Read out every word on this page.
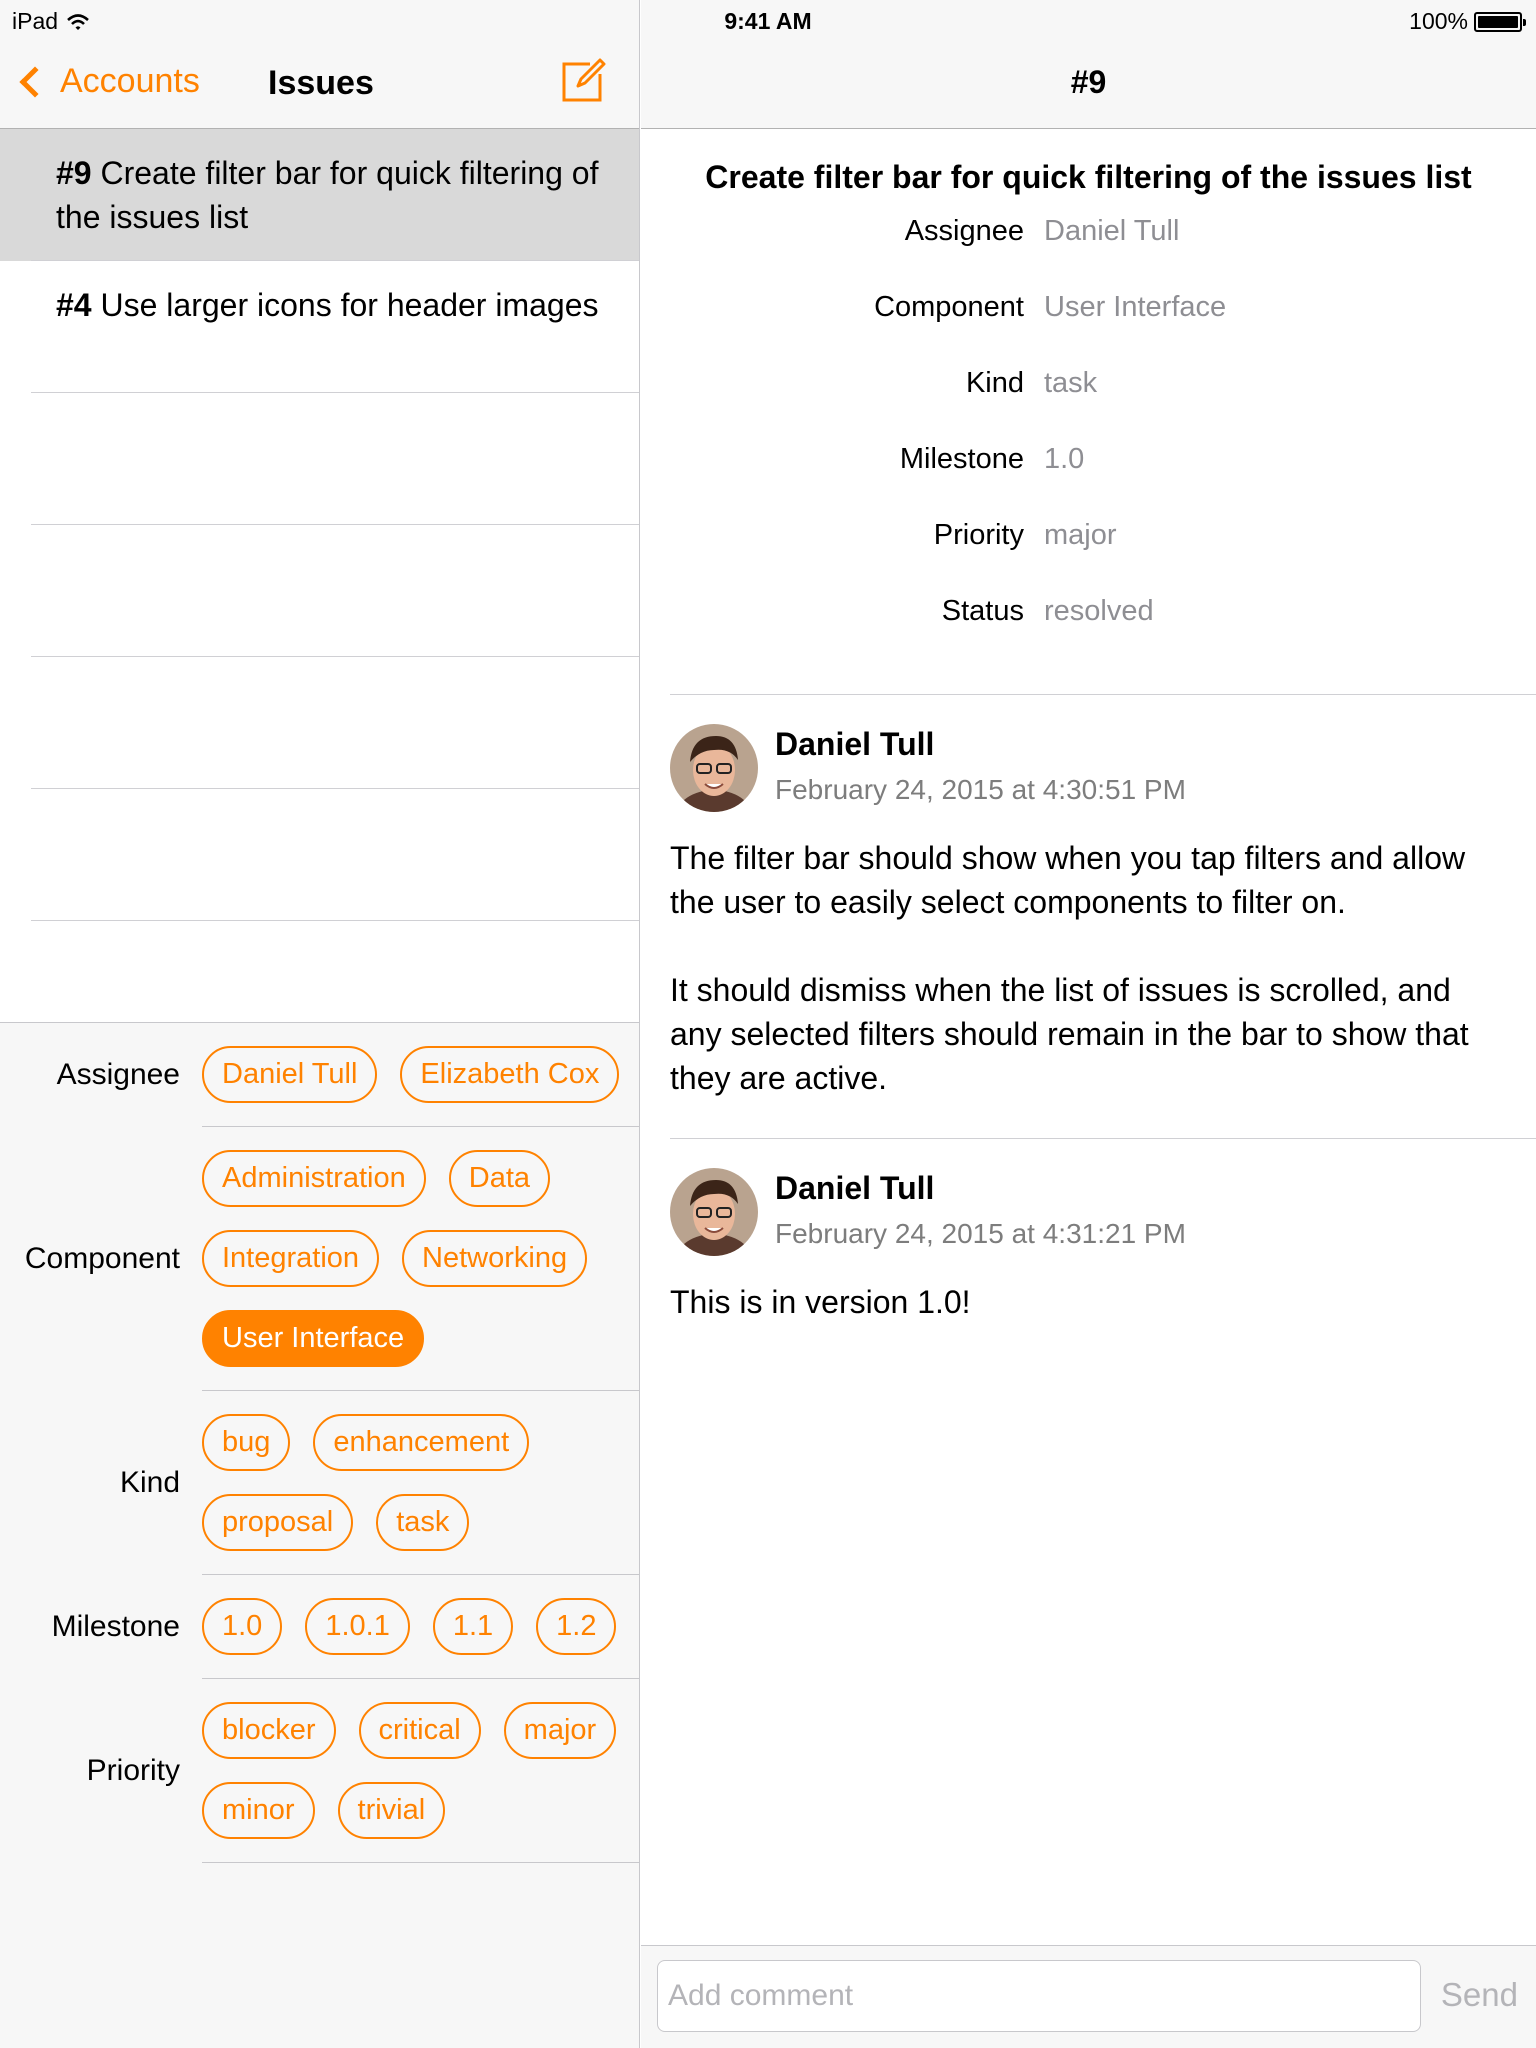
Accounts Issues
#9 Create filter bar for quick filtering of the issues list
#4 Use larger icons for header images
Assignee	Daniel Tull	Elizabeth Cox
Component
Administration	Data
Integration	Networking
User Interface
Kind
bug	enhancement
proposal	task
Milestone	1.0	1.0.1	1.1	1.2
Priority
blocker	critical	major
minor	trivial
iPad	9:41 AM	100%
#9
Create filter bar for quick filtering of the issues list
Assignee Daniel Tull
Component User Interface
Kind task
Milestone 1.0
Priority major
Status resolved
Daniel Tull
February 24, 2015 at 4:30:51 PM

The filter bar should show when you tap filters and allow the user to easily select components to filter on.

It should dismiss when the list of issues is scrolled, and any selected filters should remain in the bar to show that they are active.

Daniel Tull
February 24, 2015 at 4:31:21 PM

This is in version 1.0!

Add comment
Send
